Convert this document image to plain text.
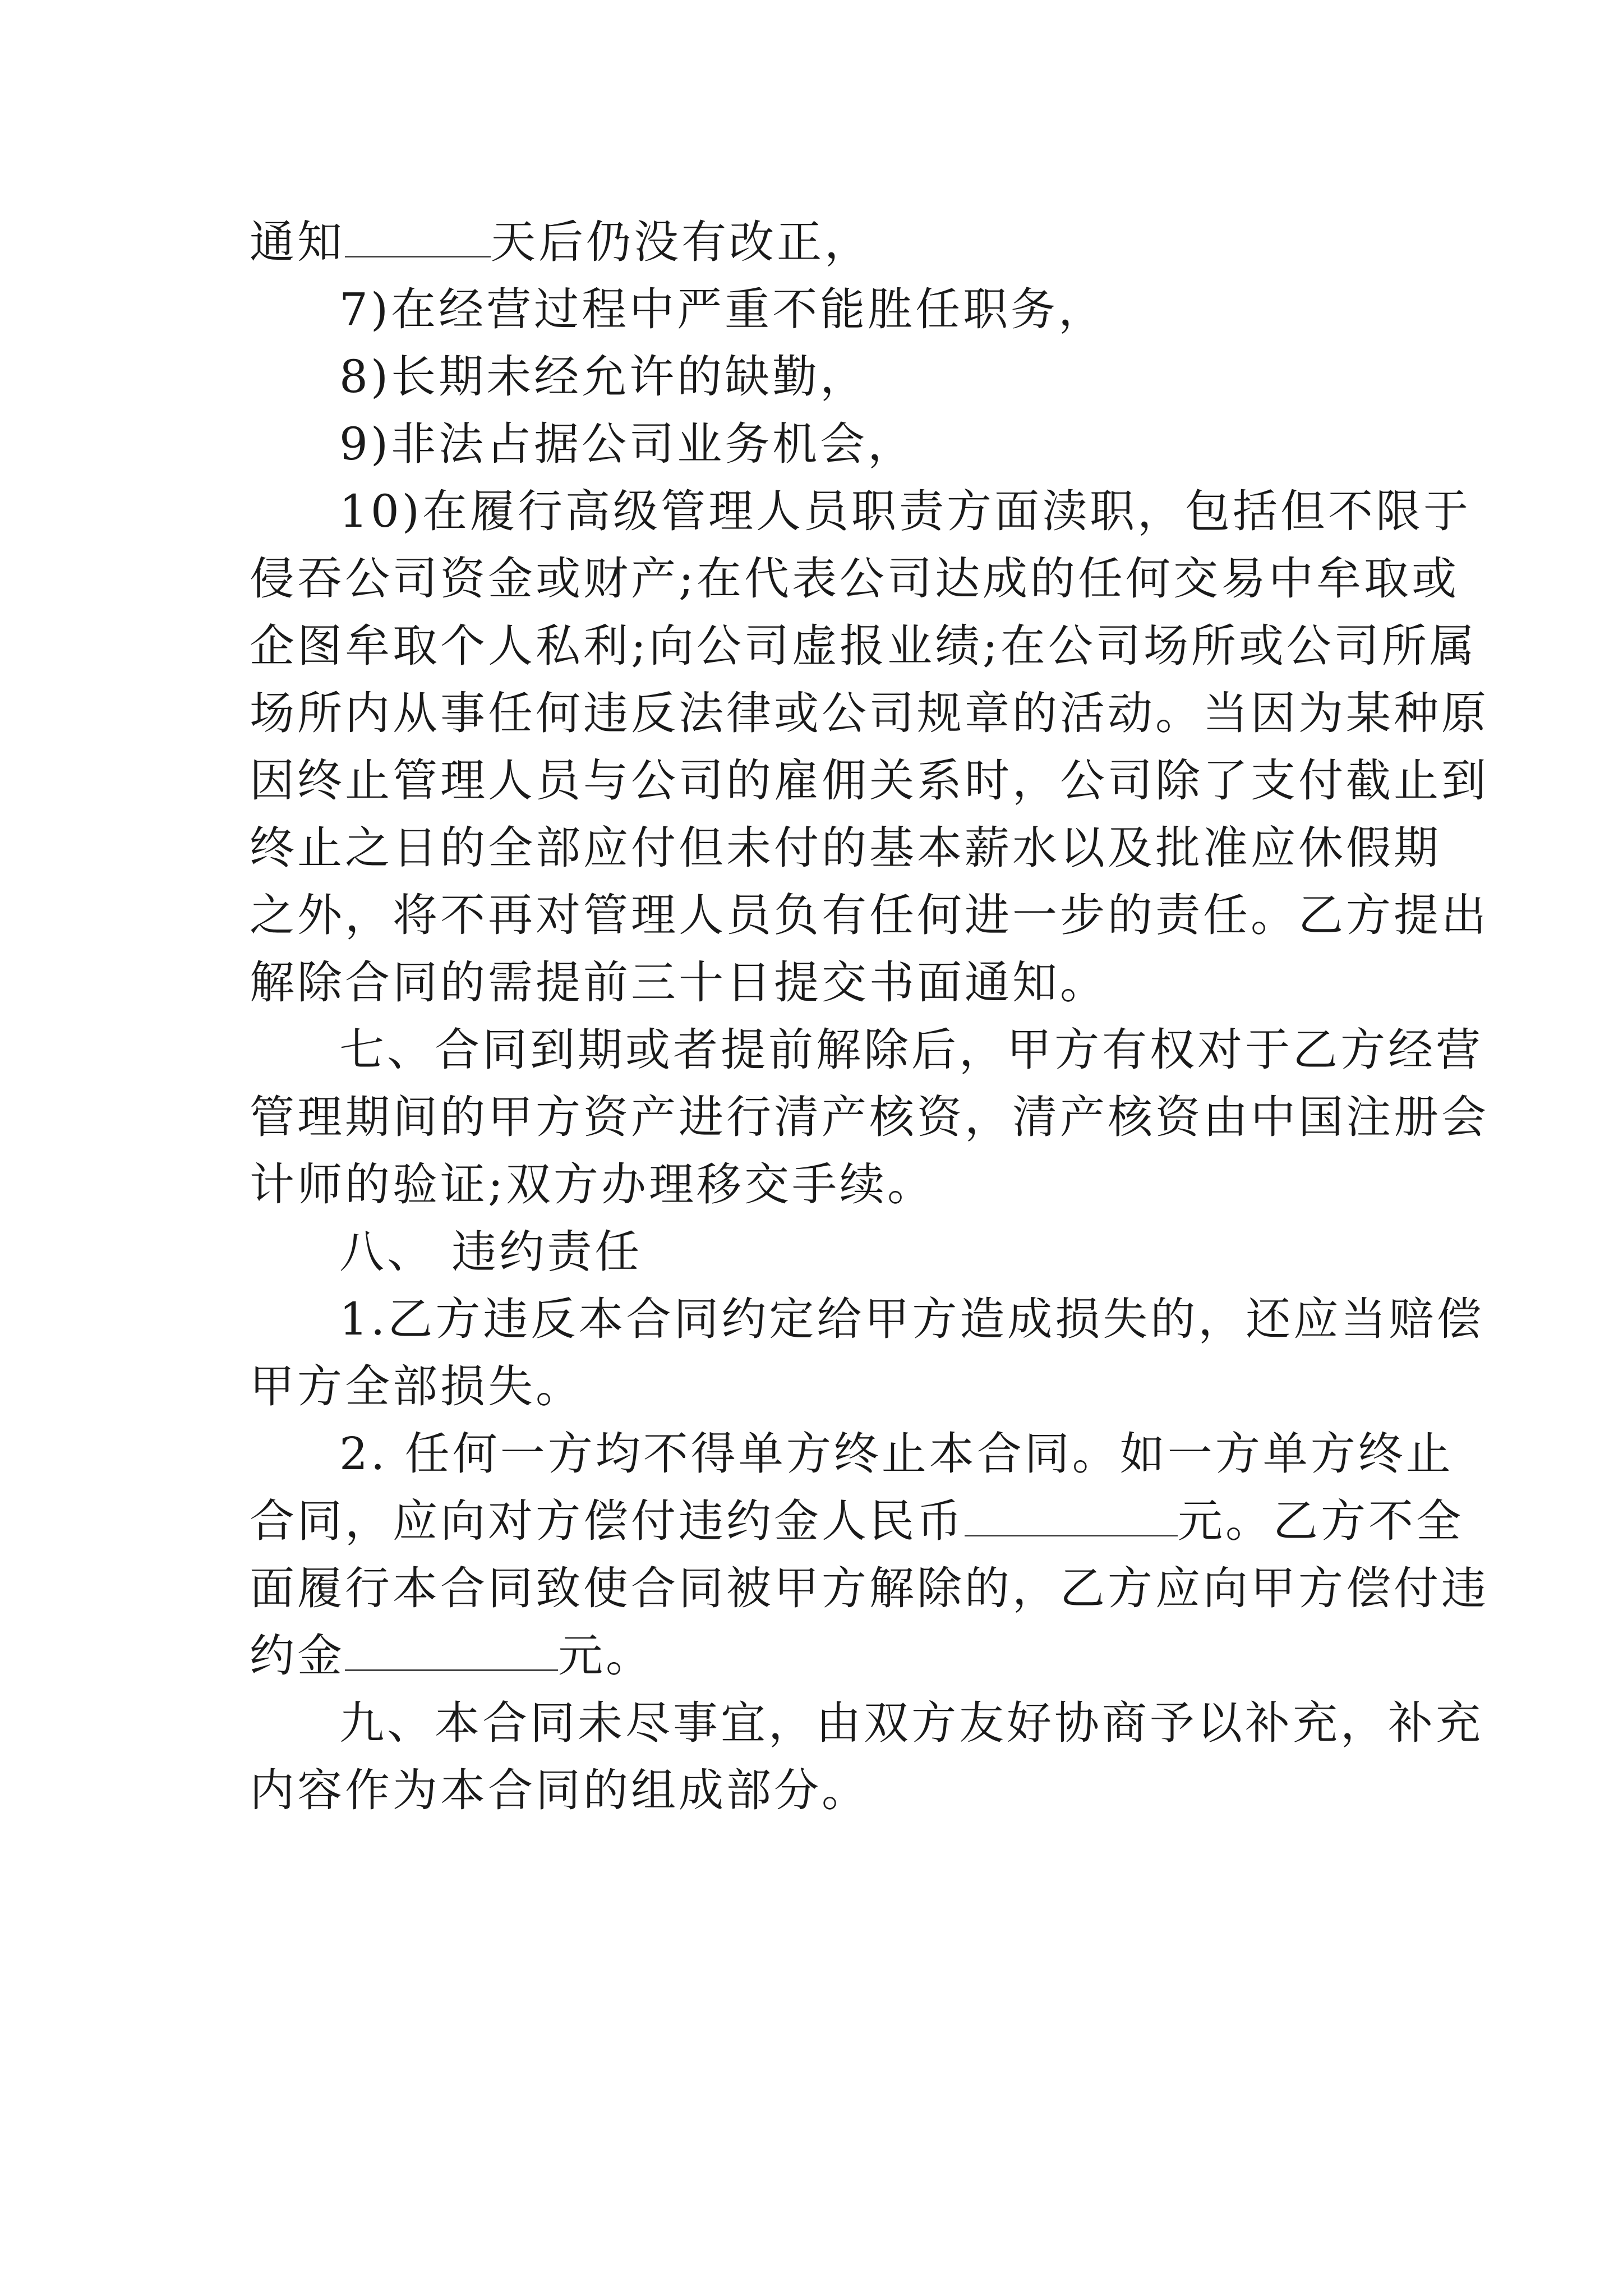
通知	天后仍没有改正，
7)在经营过程中严重不能胜任职务，
8)长期未经允许的缺勤，
9)非法占据公司业务机会，
10)在履行高级管理人员职责方面渎职，包括但不限于
侵吞公司资金或财产;在代表公司达成的任何交易中牟取或
企图牟取个人私利;向公司虚报业绩;在公司场所或公司所属
场所内从事任何违反法律或公司规章的活动。当因为某种原
因终止管理人员与公司的雇佣关系时，公司除了支付截止到
终止之日的全部应付但未付的基本薪水以及批准应休假期
之外，将不再对管理人员负有任何进一步的责任。乙方提出
解除合同的需提前三十日提交书面通知。
七、合同到期或者提前解除后，甲方有权对于乙方经营
管理期间的甲方资产进行清产核资，清产核资由中国注册会
计师的验证;双方办理移交手续。
八、 违约责任
1.乙方违反本合同约定给甲方造成损失的，还应当赔偿
甲方全部损失。
2. 任何一方均不得单方终止本合同。如一方单方终止
合同，应向对方偿付违约金人民币	元。乙方不全
面履行本合同致使合同被甲方解除的，乙方应向甲方偿付违
约金	元。
九、本合同未尽事宜，由双方友好协商予以补充，补充
内容作为本合同的组成部分。
